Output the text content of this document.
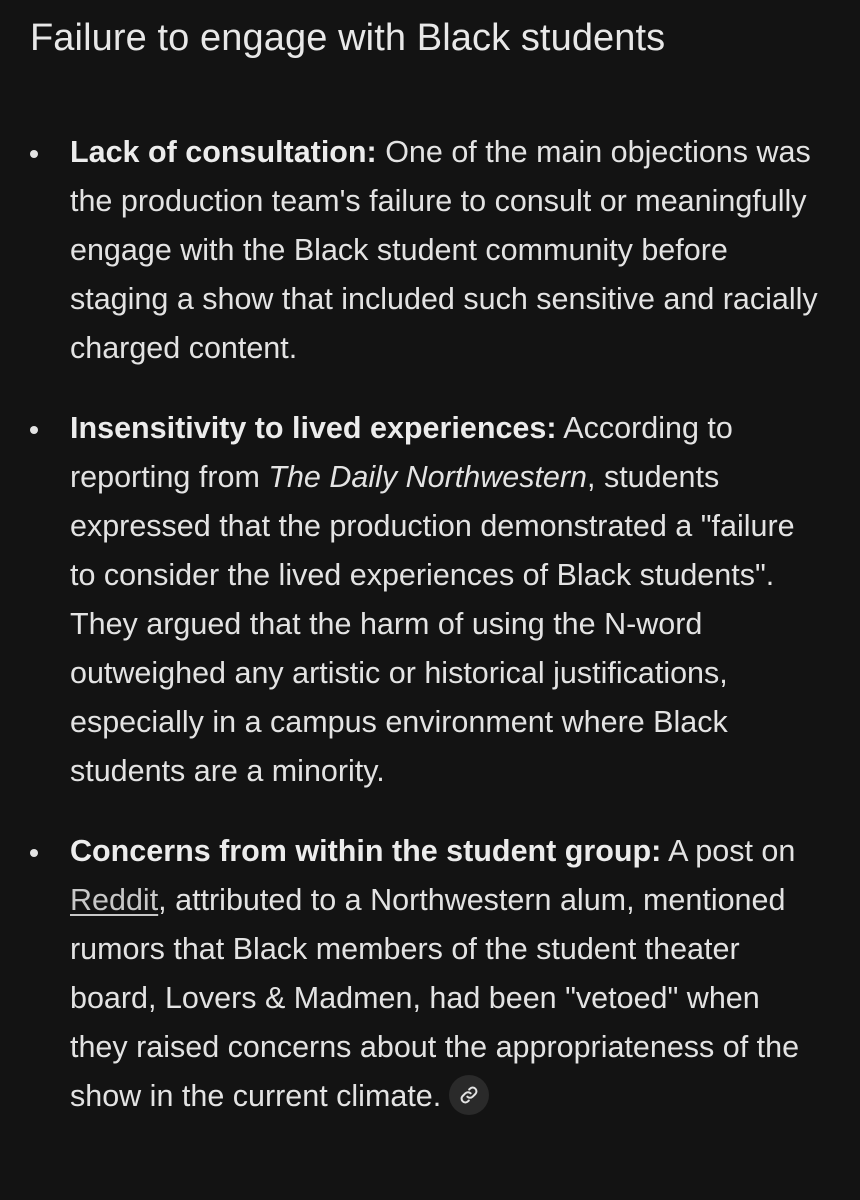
Failure to engage with Black students
Lack of consultation: One of the main objections was the production team's failure to consult or meaningfully engage with the Black student community before staging a show that included such sensitive and racially charged content.
Insensitivity to lived experiences: According to reporting from The Daily Northwestern, students expressed that the production demonstrated a "failure to consider the lived experiences of Black students". They argued that the harm of using the N-word outweighed any artistic or historical justifications, especially in a campus environment where Black students are a minority.
Concerns from within the student group: A post on Reddit, attributed to a Northwestern alum, mentioned rumors that Black members of the student theater board, Lovers & Madmen, had been "vetoed" when they raised concerns about the appropriateness of the show in the current climate.
